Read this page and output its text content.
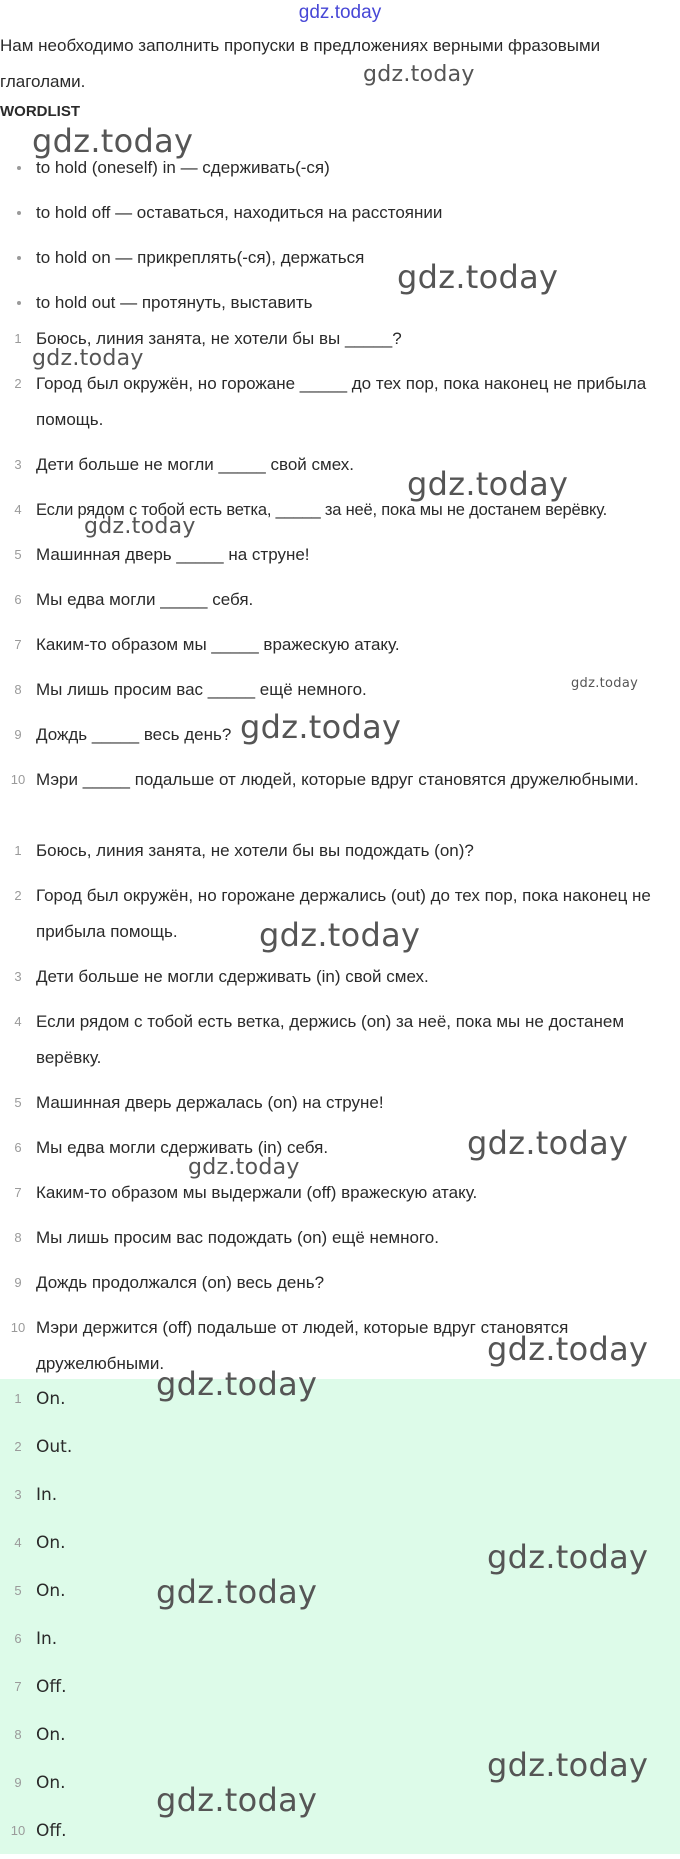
gdz.today
Нам необходимо заполнить пропуски в предложениях верными фразовыми глаголами.
WORDLIST
to hold (oneself) in — сдерживать(-ся)
to hold off — оставаться, находиться на расстоянии
to hold on — прикреплять(-ся), держаться
to hold out — протянуть, выставить
1 Боюсь, линия занята, не хотели бы вы _____?
2 Город был окружён, но горожане _____ до тех пор, пока наконец не прибыла помощь.
3 Дети больше не могли _____ свой смех.
4 Если рядом с тобой есть ветка, _____ за неё, пока мы не достанем верёвку.
5 Машинная дверь _____ на струне!
6 Мы едва могли _____ себя.
7 Каким-то образом мы _____ вражескую атаку.
8 Мы лишь просим вас _____ ещё немного.
9 Дождь _____ весь день?
10 Мэри _____ подальше от людей, которые вдруг становятся дружелюбными.
1 Боюсь, линия занята, не хотели бы вы подождать (on)?
2 Город был окружён, но горожане держались (out) до тех пор, пока наконец не прибыла помощь.
3 Дети больше не могли сдерживать (in) свой смех.
4 Если рядом с тобой есть ветка, держись (on) за неё, пока мы не достанем верёвку.
5 Машинная дверь держалась (on) на струне!
6 Мы едва могли сдерживать (in) себя.
7 Каким-то образом мы выдержали (off) вражескую атаку.
8 Мы лишь просим вас подождать (on) ещё немного.
9 Дождь продолжался (on) весь день?
10 Мэри держится (off) подальше от людей, которые вдруг становятся дружелюбными.
1 On.
2 Out.
3 In.
4 On.
5 On.
6 In.
7 Off.
8 On.
9 On.
10 Off.
gdz.today
gdz.today
gdz.today
gdz.today
gdz.today
gdz.today
gdz.today
gdz.today
gdz.today
gdz.today
gdz.today
gdz.today
gdz.today
gdz.today
gdz.today
gdz.today
gdz.today
